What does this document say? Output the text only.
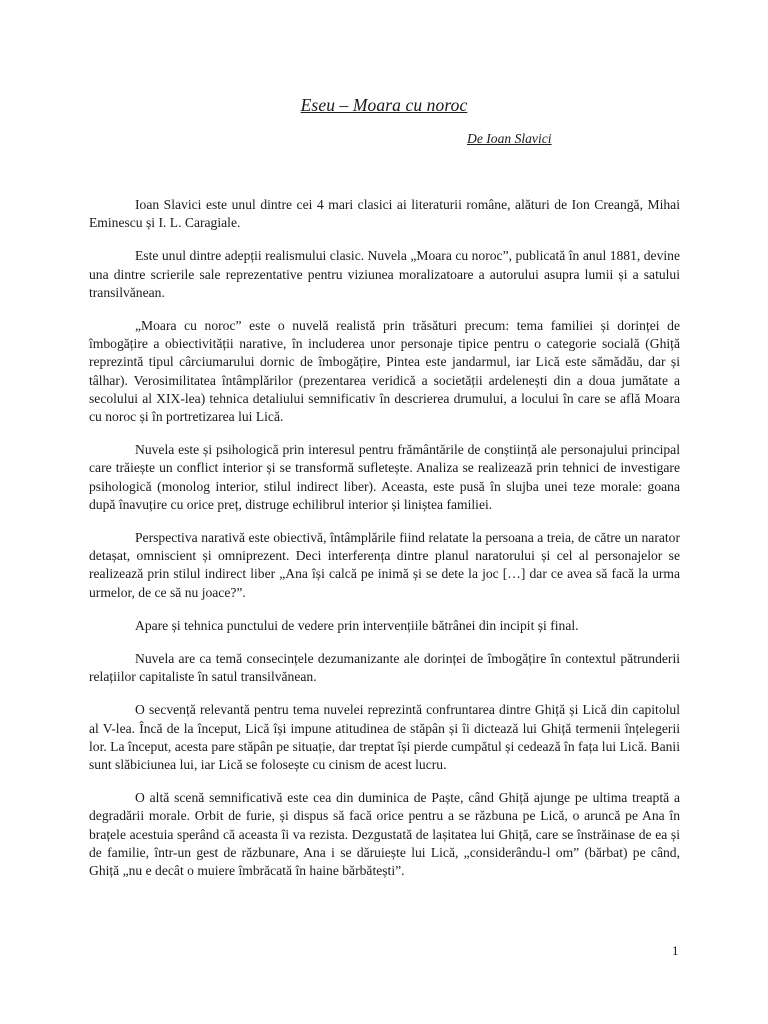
Eseu – Moara cu noroc
De Ioan Slavici

Ioan Slavici este unul dintre cei 4 mari clasici ai literaturii române, alături de Ion Creangă, Mihai Eminescu și I. L. Caragiale.

Este unul dintre adepții realismului clasic. Nuvela „Moara cu noroc”, publicată în anul 1881, devine una dintre scrierile sale reprezentative pentru viziunea moralizatoare a autorului asupra lumii și a satului transilvănean.

„Moara cu noroc” este o nuvelă realistă prin trăsături precum: tema familiei și dorinței de îmbogățire a obiectivității narative, în includerea unor personaje tipice pentru o categorie socială (Ghiță reprezintă tipul cârciumarului dornic de îmbogățire, Pintea este jandarmul, iar Lică este sămădău, dar și tâlhar). Verosimilitatea întâmplărilor (prezentarea veridică a societății ardelenești din a doua jumătate a secolului al XIX-lea) tehnica detaliului semnificativ în descrierea drumului, a locului în care se află Moara cu noroc și în portretizarea lui Lică.

Nuvela este și psihologică prin interesul pentru frământările de conștiință ale personajului principal care trăiește un conflict interior și se transformă sufletește. Analiza se realizează prin tehnici de investigare psihologică (monolog interior, stilul indirect liber). Aceasta, este pusă în slujba unei teze morale: goana după înavuțire cu orice preț, distruge echilibrul interior și liniștea familiei.

Perspectiva narativă este obiectivă, întâmplările fiind relatate la persoana a treia, de către un narator detașat, omniscient și omniprezent. Deci interferența dintre planul naratorului și cel al personajelor se realizează prin stilul indirect liber „Ana își calcă pe inimă și se dete la joc […] dar ce avea să facă la urma urmelor, de ce să nu joace?”.

Apare și tehnica punctului de vedere prin intervențiile bătrânei din incipit și final.

Nuvela are ca temă consecințele dezumanizante ale dorinței de îmbogățire în contextul pătrunderii relațiilor capitaliste în satul transilvănean.

O secvență relevantă pentru tema nuvelei reprezintă confruntarea dintre Ghiță și Lică din capitolul al V-lea. Încă de la început, Lică își impune atitudinea de stăpân și îi dictează lui Ghiță termenii înțelegerii lor. La început, acesta pare stăpân pe situație, dar treptat își pierde cumpătul și cedează în fața lui Lică. Banii sunt slăbiciunea lui, iar Lică se folosește cu cinism de acest lucru.

O altă scenă semnificativă este cea din duminica de Paște, când Ghiță ajunge pe ultima treaptă a degradării morale. Orbit de furie, și dispus să facă orice pentru a se răzbuna pe Lică, o aruncă pe Ana în brațele acestuia sperând că aceasta îi va rezista. Dezgustată de lașitatea lui Ghiță, care se înstrăinase de ea și de familie, într-un gest de răzbunare, Ana i se dăruiește lui Lică, „considerându-l om” (bărbat) pe când, Ghiță „nu e decât o muiere îmbrăcată în haine bărbătești”.

1
